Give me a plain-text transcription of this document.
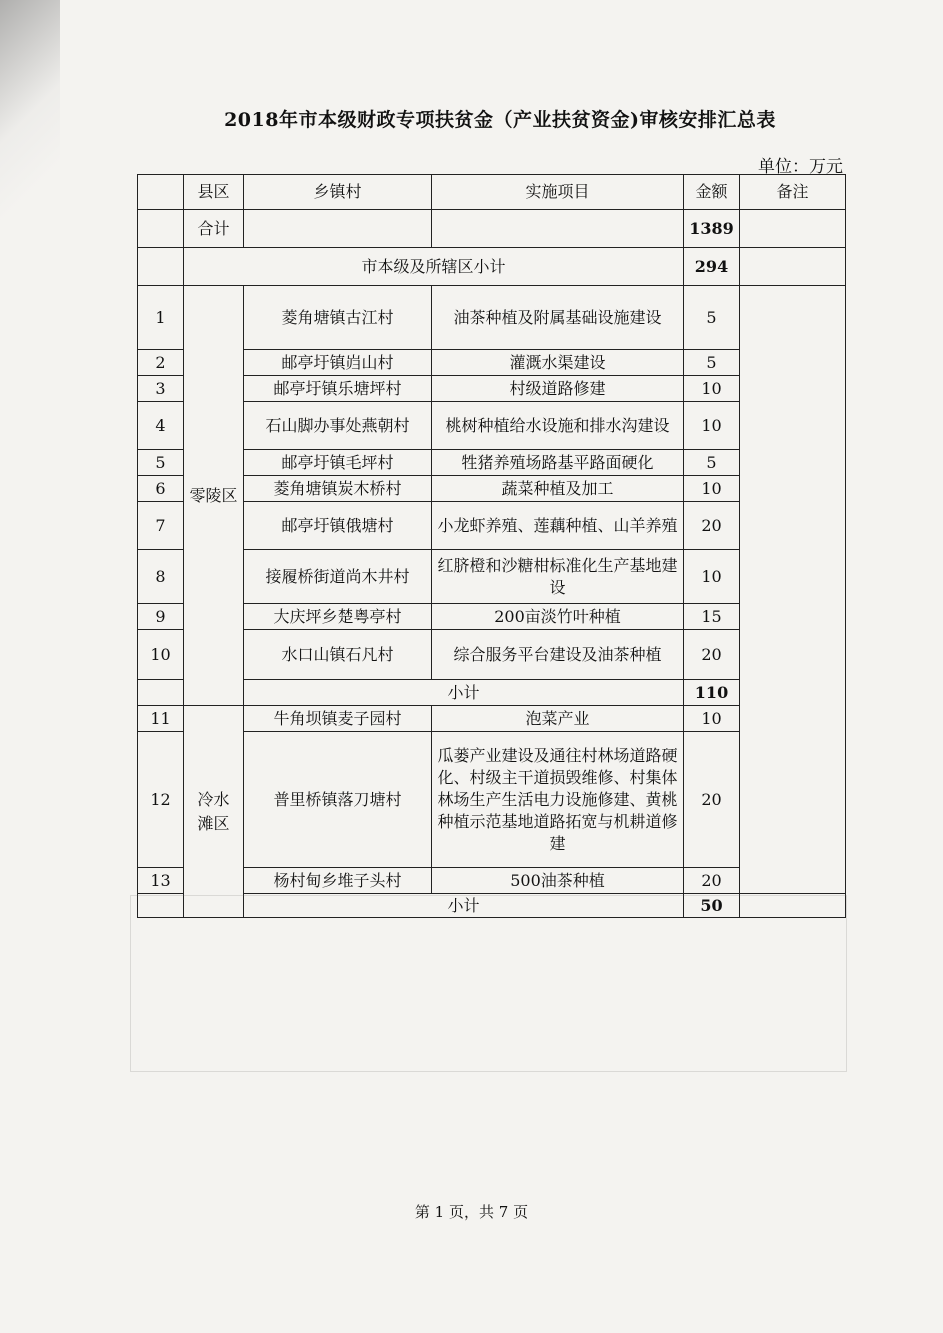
2018年市本级财政专项扶贫金（产业扶贫资金)审核安排汇总表
单位：万元
	县区	乡镇村	实施项目	金额	备注	
	合计			1389		
	市本级及所辖区小计			294		
1	零陵区	菱角塘镇古江村	油茶种植及附属基础设施建设	5		
2		邮亭圩镇岿山村	灌溉水渠建设	5		
3		邮亭圩镇乐塘坪村	村级道路修建	10		
4		石山脚办事处燕朝村	桃树种植给水设施和排水沟建设	10		
5		邮亭圩镇毛坪村	牲猪养殖场路基平路面硬化	5		
6		菱角塘镇炭木桥村	蔬菜种植及加工	10		
7		邮亭圩镇俄塘村	小龙虾养殖、莲藕种植、山羊养殖	20		
8		接履桥街道尚木井村	红脐橙和沙糖柑标准化生产基地建设	10		
9		大庆坪乡楚粤亭村	200亩淡竹叶种植	15		
10		水口山镇石凡村	综合服务平台建设及油茶种植	20		
		小计		110		
11	冷水滩区	牛角坝镇麦子园村	泡菜产业	10		
12		普里桥镇落刀塘村	瓜蒌产业建设及通往村林场道路硬化、村级主干道损毁维修、村集体林场生产生活电力设施修建、黄桃种植示范基地道路拓宽与机耕道修建	20		
13		杨村甸乡堆子头村	500油茶种植	20		
		小计		50		
第 1 页，共 7 页
